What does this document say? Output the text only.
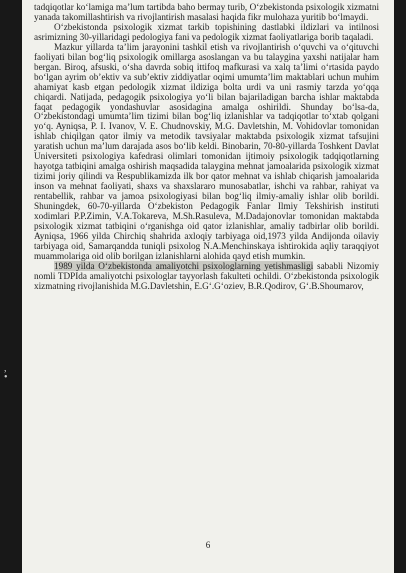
tadqiqotlar ko‘lamiga ma’lum tartibda baho bermay turib, O‘zbekistonda psixologik xizmatni yanada takomillashtirish va rivojlantirish masalasi haqida fikr mulohaza yuritib bo‘lmaydi.

O‘zbekistonda psixologik xizmat tarkib topishining dastlabki ildizlari va intilnosi asrimizning 30-yillaridagi pedologiya fani va pedologik xizmat faoliyatlariga borib taqaladi.

Mazkur yillarda ta’lim jarayonini tashkil etish va rivojlantirish o‘quvchi va o‘qituvchi faoliyati bilan bog‘liq psixologik omillarga asoslangan va bu talaygina yaxshi natijalar ham bergan. Biroq, afsuski, o‘sha davrda sobiq ittifoq mafkurasi va xalq ta’limi o‘rtasida paydo bo‘lgan ayrim ob’ektiv va sub’ektiv ziddiyatlar oqimi umumta’lim maktablari uchun muhim ahamiyat kasb etgan pedologik xizmat ildiziga bolta urdi va uni rasmiy tarzda yo‘qqa chiqardi. Natijada, pedagogik psixologiya yo‘li bilan bajariladigan barcha ishlar maktabda faqat pedagogik yondashuvlar asosidagina amalga oshirildi. Shunday bo‘lsa-da, O‘zbekistondagi umumta’lim tizimi bilan bog‘liq izlanishlar va tadqiqotlar to‘xtab qolgani yo‘q. Ayniqsa, P. I. Ivanov, V. E. Chudnovskiy, M.G. Davletshin, M. Vohidovlar tomonidan ishlab chiqilgan qator ilmiy va metodik tavsiyalar maktabda psixologik xizmat tafsujini yaratish uchun ma’lum darajada asos bo‘lib keldi. Binobarin, 70-80-yillarda Toshkent Davlat Universiteti psixologiya kafedrasi olimlari tomonidan ijtimoiy psixologik tadqiqotlarning hayotga tatbiqini amalga oshirish maqsadida talaygina mehnat jamoalarida psixologik xizmat tizimi joriy qilindi va Respublikamizda ilk bor qator mehnat va ishlab chiqarish jamoalarida inson va mehnat faoliyati, shaxs va shaxslararo munosabatlar, ishchi va rahbar, rahiyat va rentabellik, rahbar va jamoa psixologiyasi bilan bog‘liq ilmiy-amaliy ishlar olib borildi. Shuningdek, 60-70-yillarda O‘zbekiston Pedagogik Fanlar Ilmiy Tekshirish instituti xodimlari P.P.Zimin, V.A.Tokareva, M.Sh.Rasuleva, M.Dadajonovlar tomonidan maktabda psixologik xizmat tatbiqini o‘rganishga oid qator izlanishlar, amaliy tadbirlar olib borildi. Ayniqsa, 1966 yilda Chirchiq shahrida axloqiy tarbiyaga oid,1973 yilda Andijonda oilaviy tarbiyaga oid, Samarqandda tuniqli psixolog N.A.Menchinskaya ishtirokida aqliy taraqqiyot muammolariga oid olib borilgan izlanishlarni alohida qayd etish mumkin.

1989 yilda O‘zbekistonda amaliyotchi psixologlarning yetishmasligi sababli Nizomiy nomli TDPIda amaliyotchi psixologlar tayyorlash fakulteti ochildi. O‘zbekistonda psixologik xizmatning rivojlanishida M.G.Davletshin, E.G‘.G‘oziev, B.R.Qodirov, G‘.B.Shoumarov,

6
,
•
